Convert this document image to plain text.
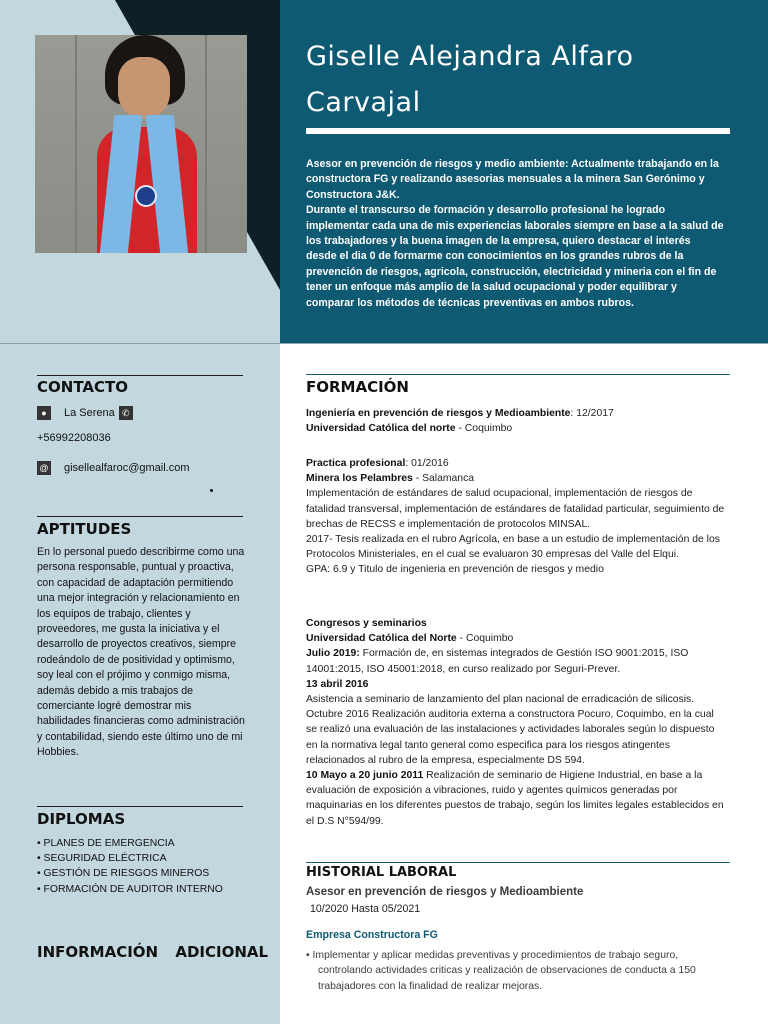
Giselle Alejandra Alfaro
Carvajal

Asesor en prevención de riesgos y medio ambiente: Actualmente trabajando en la constructora FG y realizando asesorias mensuales a la minera San Gerónimo y Constructora J&K.

Durante el transcurso de formación y desarrollo profesional he logrado implementar cada una de mis experiencias laborales siempre en base a la salud de los trabajadores y la buena imagen de la empresa, quiero destacar el interés desde el dia 0 de formarme con conocimientos en los grandes rubros de la prevención de riesgos, agricola, construcción, electricidad y mineria con el fin de tener un enfoque más amplio de la salud ocupacional y poder equilibrar y comparar los métodos de técnicas preventivas en ambos rubros.

CONTACTO
●	La Serena ✆
+56992208036
@ gisellealfaroc@gmail.com
APTITUDES
En lo personal puedo describirme como una persona responsable, puntual y proactiva, con capacidad de adaptación permitiendo una mejor integración y relacionamiento en los equipos de trabajo, clientes y proveedores, me gusta la iniciativa y el desarrollo de proyectos creativos, siempre rodeándolo de de positividad y optimismo, soy leal con el prójimo y conmigo misma, además debido a mis trabajos de comerciante logré demostrar mis habilidades financieras como administración y contabilidad, siendo este último uno de mi Hobbies.
DIPLOMAS
• PLANES DE EMERGENCIA
• SEGURIDAD ELÉCTRICA
• GESTIÓN DE RIESGOS MINEROS
• FORMACIÓN DE AUDITOR INTERNO
INFORMACIÓN ADICIONAL
FORMACIÓN
Ingeniería en prevención de riesgos y Medioambiente: 12/2017
Universidad Católica del norte - Coquimbo
Practica profesional: 01/2016
Minera los Pelambres - Salamanca
Implementación de estándares de salud ocupacional, implementación de riesgos de fatalidad transversal, implementación de estándares de fatalidad particular, seguimiento de brechas de RECSS e implementación de protocolos MINSAL.
2017- Tesis realizada en el rubro Agrícola, en base a un estudio de implementación de los Protocolos Ministeriales, en el cual se evaluaron 30 empresas del Valle del Elqui.
GPA: 6.9 y Titulo de ingenieria en prevención de riesgos y medio
Congresos y seminarios
Universidad Católica del Norte - Coquimbo
Julio 2019: Formación de, en sistemas integrados de Gestión ISO 9001:2015, ISO 14001:2015, ISO 45001:2018, en curso realizado por Seguri-Prever.
13 abril 2016
Asistencia a seminario de lanzamiento del plan nacional de erradicación de silicosis.
Octubre 2016 Realización auditoria externa a constructora Pocuro, Coquimbo, en la cual se realizó una evaluación de las instalaciones y actividades laborales según lo dispuesto en la normativa legal tanto general como especifica para los riesgos atingentes relacionados al rubro de la empresa, especialmente DS 594.
10 Mayo a 20 junio 2011 Realización de seminario de Higiene Industrial, en base a la evaluación de exposición a vibraciones, ruido y agentes químicos generadas por maquinarias en los diferentes puestos de trabajo, según los limites legales establecidos en el D.S N°594/99.
HISTORIAL LABORAL
Asesor en prevención de riesgos y Medioambiente
10/2020 Hasta 05/2021
Empresa Constructora FG
• Implementar y aplicar medidas preventivas y procedimientos de trabajo seguro, controlando actividades criticas y realización de observaciones de conducta a 150 trabajadores con la finalidad de realizar mejoras.
